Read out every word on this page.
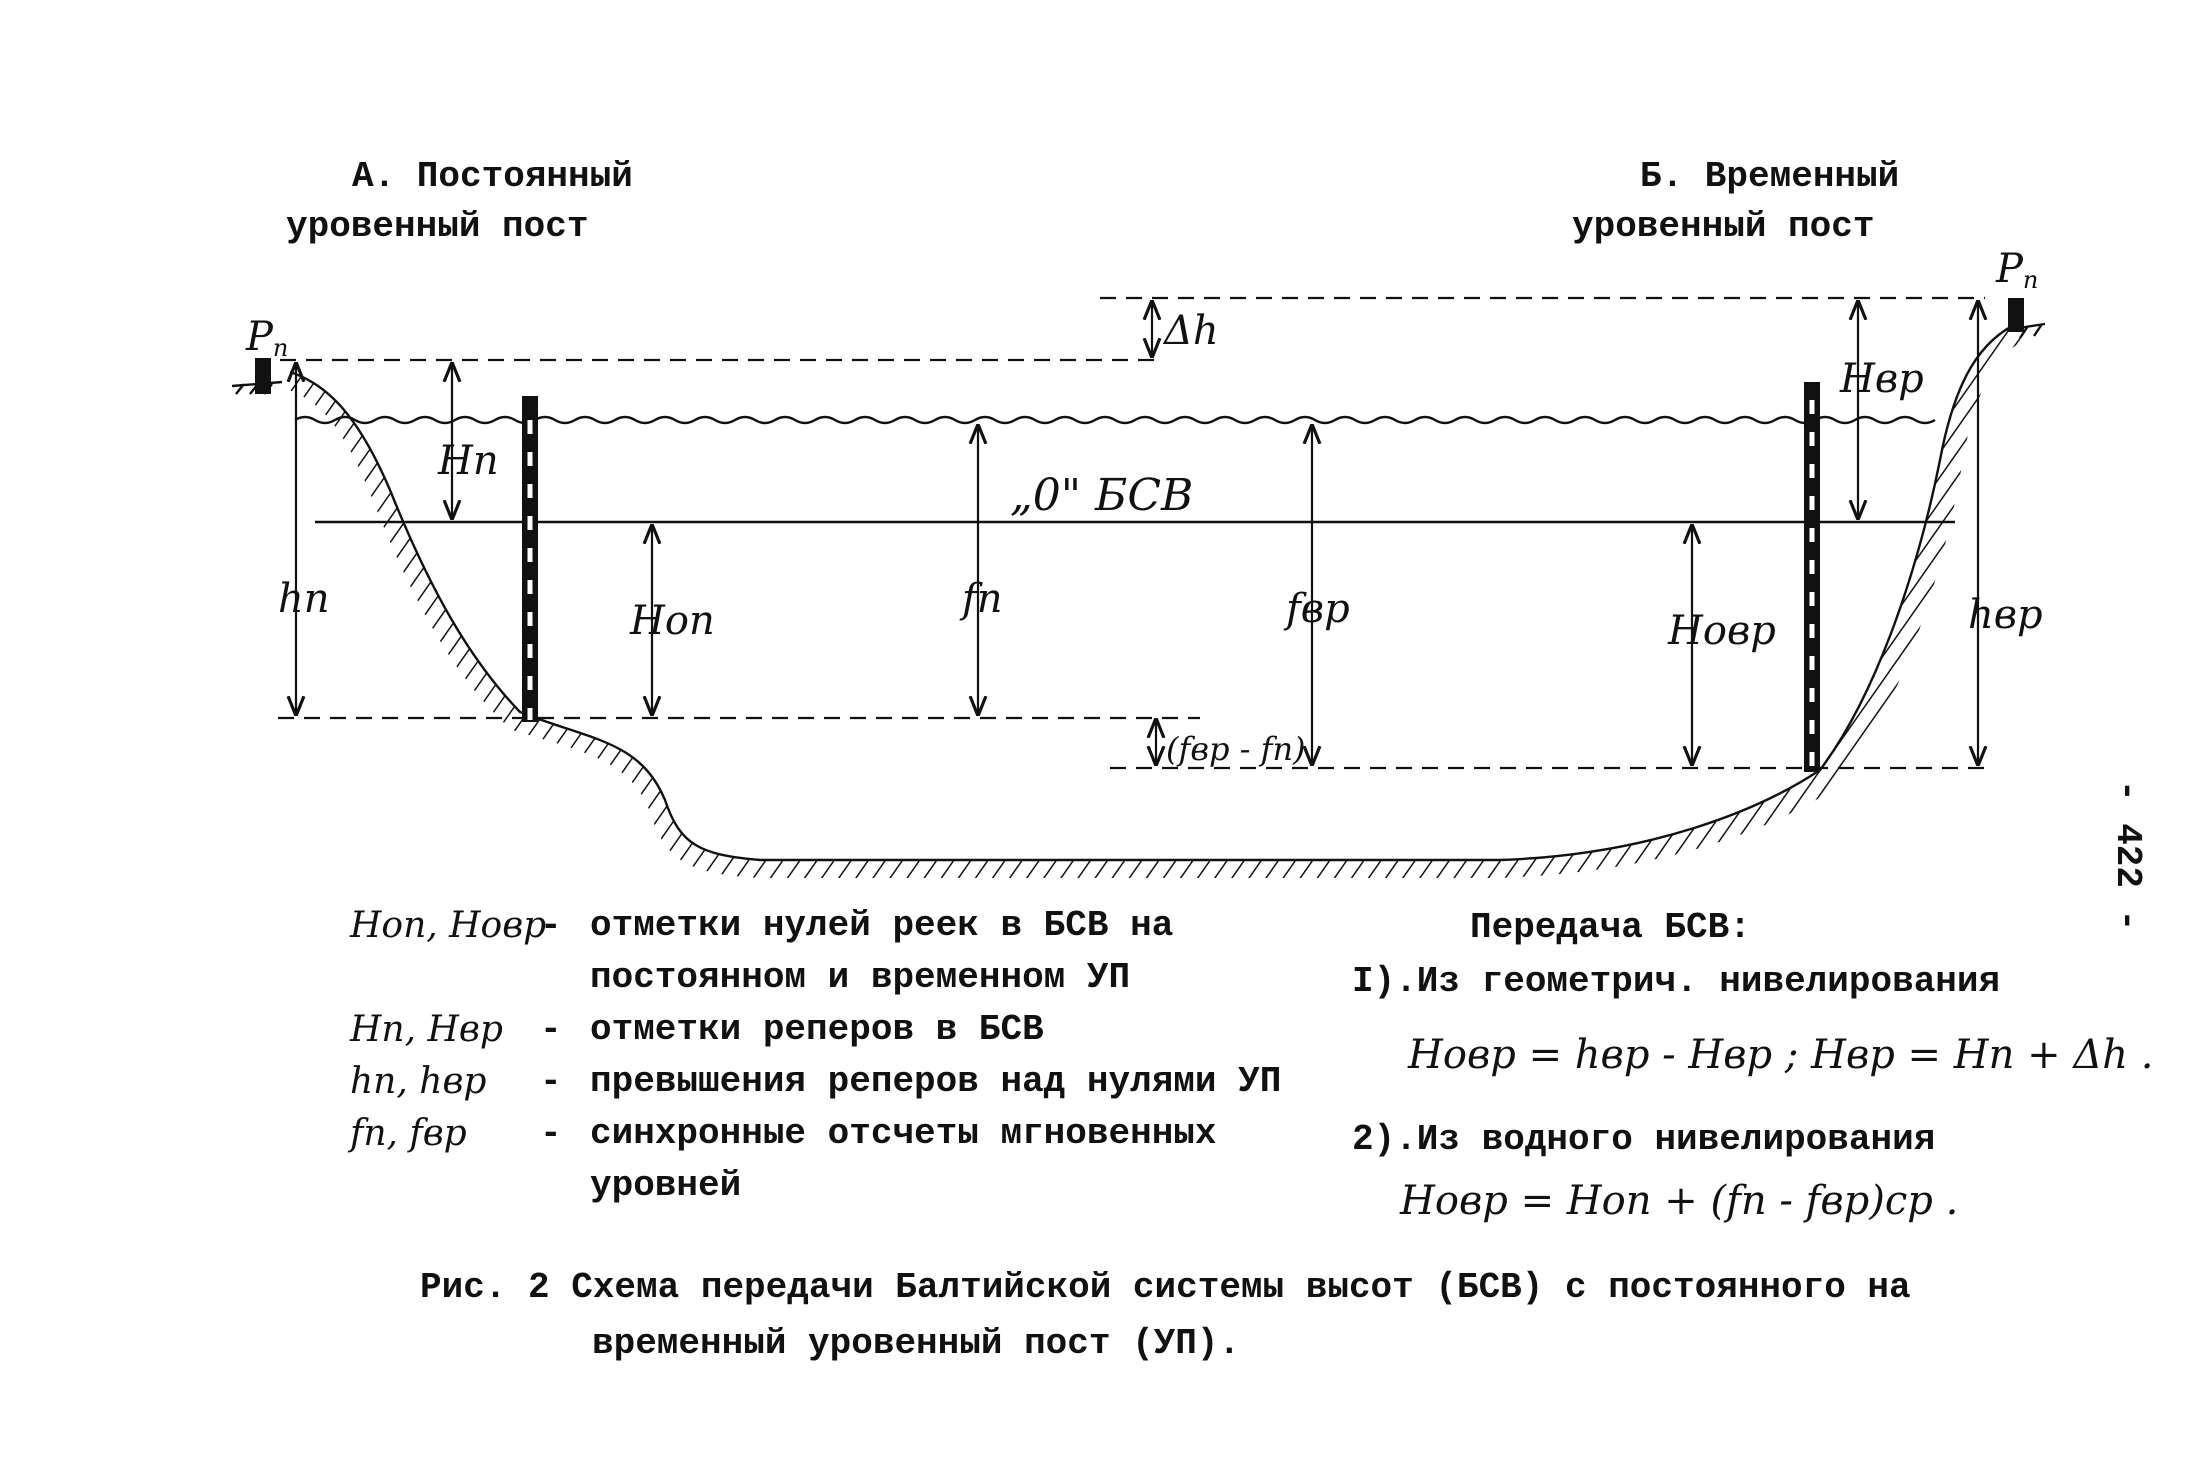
А. Постоянный
уровенный пост
Б. Временный
уровенный пост
Рп
Рп
Δh
Hп
hп	Hoп
„0" БСВ
fп	fвр	Hoвр
Hвр
hвр
(fвр - fп)
- 422 -
Hoп, Hoвр
- отметки нулей реек в БСВ на
постоянном и временном УП
Hп, Hвр	- отметки реперов в БСВ
hп, hвр	- превышения реперов над нулями УП
fп, fвр	- синхронные отсчеты мгновенных
уровней
Передача БСВ:
I).Из геометрич. нивелирования
Hoвр = hвр - Hвр ; Hвр = Hп + Δh .
2).Из водного нивелирования
Hoвр = Hoп + (fп - fвр)ср .
Рис. 2 Схема передачи Балтийской системы высот (БСВ) с постоянного на
временный уровенный пост (УП).
